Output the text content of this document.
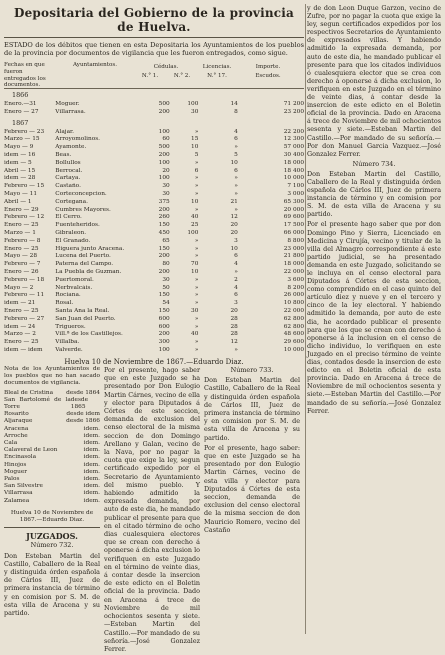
Depositaria del Gobierno de la provincia de Huelva.
ESTADO de los débitos que tienen en esta Depositaria los Ayuntamientos de los pueblos de la provincia por documentos de vigilancia que les fueron entregados, como sigue.
Fechas en que fueron entregados los documentos.
Ayuntamientos.	Cédulas.
N.° 1.	N.° 2.
Licencias.
N.° 17.
Importe.
Escudos.
1866
Enero.—31	Moguer.	500	100	14	71 200
Enero — 27	Villarrasa.	200	30	8	23 200
1867
Febrero — 23	Alajar.	100	»	4	22 200
Marzo — 15	Arroyomolinos.	60	15	6	12 300
Mayo — 9	Ayamonte.	500	10	»	57 000
idem — 16	Beas.	200	5	5	30 400
idem — 5	Bollullos	100	»	10	18 000
Abril — 15	Berrocal.	20	6	6	18 400
idem — 28	Cartaya.	100	»	»	10 000
Febrero — 15	Castaño.	30	»	»	7 100
Mayo — 11	Corteconcepcion.	30	»	»	3 000
Abril — 1	Cortegana.	375	10	21	65 300
Enero — 29	Cumbres Mayores.	200	»	»	20 000
Febrero — 12	El Cerro.	260	40	12	69 600
Enero — 25	Fuenteheridos.	150	25	20	17 500
Marzo — 1	Gibraleon.	450	100	20	66 000
Febrero — 8	El Granado.	65	»	3	8 800
Enero — 25	Higuera junto Aracena.	150	»	10	23 000
Mayo — 28	Lucena del Puerto.	200	»	6	21 800
Febrero — 7	Paterna del Campo.	80	70	4	18 000
Enero — 26	La Puebla de Guzman.	200	10	»	22 000
Febrero — 18	Puertomoral.	30	»	2	3 600
Mayo — 2	Nerbvalcáis.	50	»	4	8 200
Febrero — 11	Rociana.	150	»	6	26 000
idem — 21	Rosal.	54	»	3	10 800
Enero — 25	Santa Ana la Real.	150	30	20	22 000
Febrero — 27	San Juan del Puerto.	600	»	28	62 800
idem — 24	Trigueros.	600	»	28	62 800
Marzo — 2	Vill.ª de los Castillejos.	200	40	28	48 600
Enero — 25	Villalba.	300	»	12	29 600
idem — idem	Valverde.	100	»	»	10 000
Huelva 10 de Noviembre de 1867.—Eduardo Diaz.

Nota de los Ayuntamientos de los pueblos que no han sacado documentos de vigilancia.

Bleal de Cristina desde 1864
San Bartolomé de la Torre
desde 1865
Rosarito	desde idem
Aljaraque	desde 1866
Aracena	idem.
Arroche	idem.
Cala	idem.
Calaveral de Leon	idem.
Encinasola	idem.
Hinojos	idem.
Moguer	idem.
Palos	idem.
San Silvestre	idem.
Villarrasa	idem.
Zalamea	idem.

Huelva 10 de Noviembre de 1867.—Eduardo Diaz.

JUZGADOS.

Número 732.

Don Esteban Martin del Castillo, Caballero de la Real y distinguida órden española de Cárlos III, Juez de primera instancia de término y en comision por S. M. de esta villa de Aracena y su partido.

Por el presente, hago saber que en este Juzgado se ha presentado por Don Eulogio Martin Cárnes, vecino de ella y elector para Diputados á Córtes de este seccion, demanda de exclusion del censo electoral de la misma seccion de don Domingo Arellano y Galan, vecino de la Nava, por no pagar la cuota que exige la ley, segun certificado expedido por el Secretario de Ayuntamiento del mismo pueblo. Y habiendo admitido la expresada demanda, por auto de este dia, he mandado publicar el presente para que en el citado término de ocho dias cualesquiera electores que se crean con derecho á oponerse á dicha exclusion lo verifiquen en este Juzgado en el término de veinte dias, á contar desde la insercion de este edicto en el Boletin oficial de la provincia. Dado en Aracena á trece de Noviembre de mil ochocientos sesenta y siete.—Esteban Martin del Castillo.—Por mandado de su señoría.—José Gonzalez Ferrer.

Número 733.

Don Esteban Martin del Castillo, Caballero de la Real y distinguida órden española de Cárlos III, Juez de primera instancia de término y en comision por S. M. de esta villa de Aracena y su partido.

Por el presente, hago saber: que en este Juzgado se ha presentado por don Eulogio Martin Cárnes, vecino de esta villa y elector para Diputados á Córtes de esta seccion, demanda de exclusion del censo electoral de la misma seccion de don Mauricio Romero, vecino del Castaño

y de don Leon Duque Garzon, vecino de Zufre, por no pagar la cuota que exige la ley, segun certificados expedidos por los respectivos Secretarios de Ayuntamiento de expresados villas. Y habiendo admitido la expresada demanda, por auto de este dia, he mandado publicar el presente para que los citados individuos ó cualesquiera elector que se crea con derecho á oponerse á dicha exclusion, lo verifiquen en este Juzgado en el término de veinte dias, á contar desde la insercion de este edicto en el Boletin oficial de la provincia. Dado en Aracena á trece de Noviembre de mil ochocientos sesenta y siete.—Esteban Martin del Castillo.—Por mandado de su señoría.—Por don Manuel Garcia Vazquez.—José Gonzalez Ferrer.

Número 734.

Don Esteban Martin del Castillo, Caballero de la Real y distinguida órden española de Cárlos III, Juez de primera instancia de término y en comision por S. M. de esta villa de Aracena y su partido.

Por el presente hago saber que por don Domingo Pino y Sierra, Licenciado en Medicina y Cirujía, vecino y titular de la villa del Almagro correspondiente á este partido judicial, se ha presentado demanda en este Juzgado, solicitando se le incluya en el censo electoral para Diputados á Córtes de esta seccion, como comprendido en el caso quinto del artículo diez y nueve y en el tercero y cinco de la ley electoral. Y habiendo admitido la demanda, por auto de este dia, he acordado publicar el presente para que los que se crean con derecho á oponerse á la inclusion en el censo de dicho individuo, lo verifiquen en este Juzgado en el preciso término de veinte dias, contados desde la insercion de este edicto en el Boletin oficial de esta provincia. Dado en Aracena á trece de Noviembre de mil ochocientos sesenta y siete.—Esteban Martin del Castillo.—Por mandado de su señoría.—José Gonzalez Ferrer.
